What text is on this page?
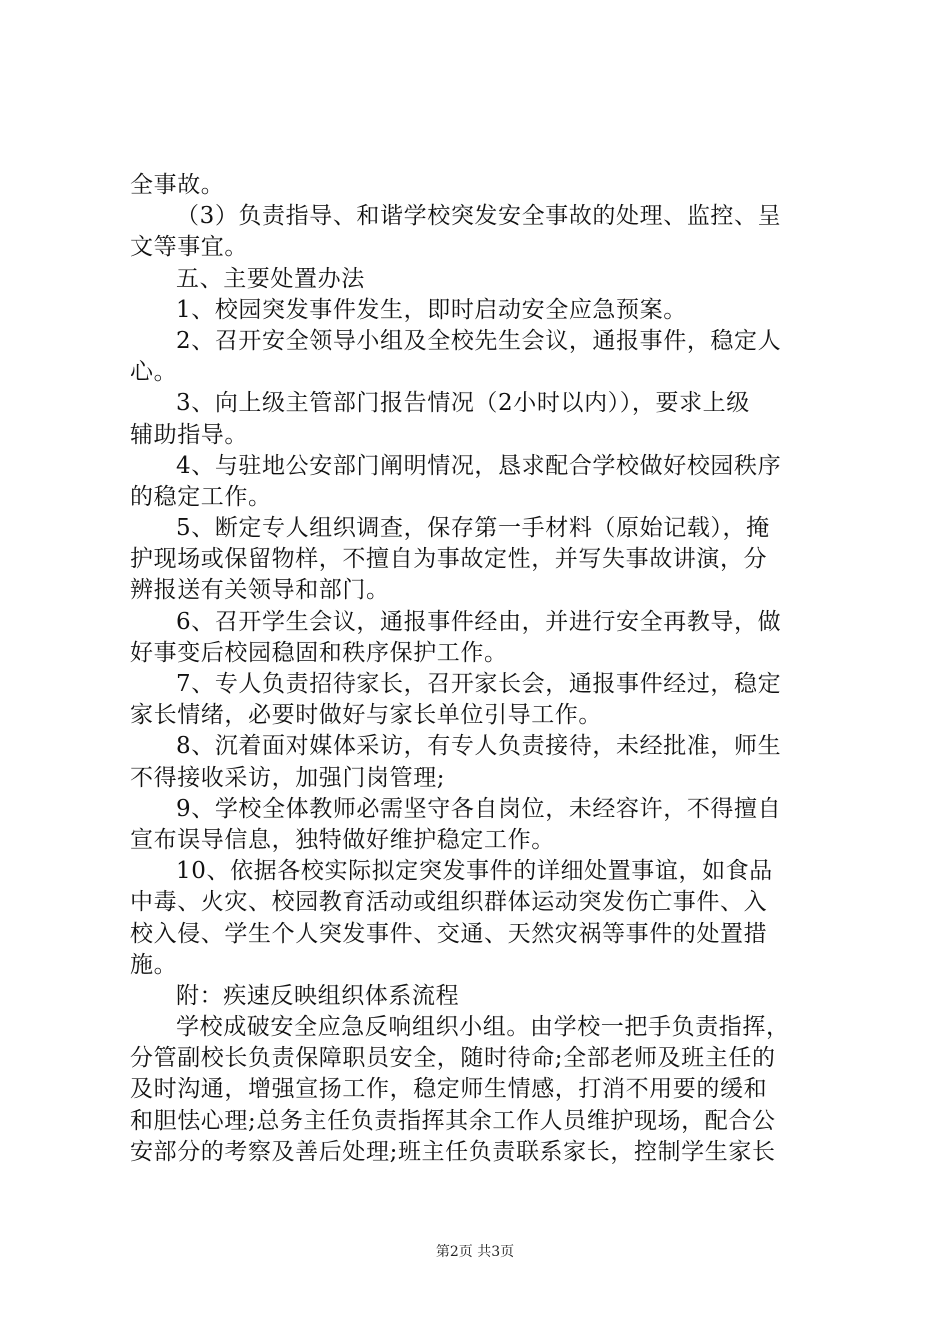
全事故。
（3）负责指导、和谐学校突发安全事故的处理、监控、呈
文等事宜。
五、主要处置办法
1、校园突发事件发生，即时启动安全应急预案。
2、召开安全领导小组及全校先生会议，通报事件，稳定人
心。
3、向上级主管部门报告情况（2小时以内）），要求上级
辅助指导。
4、与驻地公安部门阐明情况，恳求配合学校做好校园秩序
的稳定工作。
5、断定专人组织调查，保存第一手材料（原始记载），掩
护现场或保留物样，不擅自为事故定性，并写失事故讲演，分
辨报送有关领导和部门。
6、召开学生会议，通报事件经由，并进行安全再教导，做
好事变后校园稳固和秩序保护工作。
7、专人负责招待家长，召开家长会，通报事件经过，稳定
家长情绪，必要时做好与家长单位引导工作。
8、沉着面对媒体采访，有专人负责接待，未经批准，师生
不得接收采访，加强门岗管理;
9、学校全体教师必需坚守各自岗位，未经容许，不得擅自
宣布误导信息，独特做好维护稳定工作。
10、依据各校实际拟定突发事件的详细处置事谊，如食品
中毒、火灾、校园教育活动或组织群体运动突发伤亡事件、入
校入侵、学生个人突发事件、交通、天然灾祸等事件的处置措
施。
附：疾速反映组织体系流程
学校成破安全应急反响组织小组。由学校一把手负责指挥，
分管副校长负责保障职员安全，随时待命;全部老师及班主任的
及时沟通，增强宣扬工作，稳定师生情感，打消不用要的缓和
和胆怯心理;总务主任负责指挥其余工作人员维护现场，配合公
安部分的考察及善后处理;班主任负责联系家长，控制学生家长
第2页 共3页
